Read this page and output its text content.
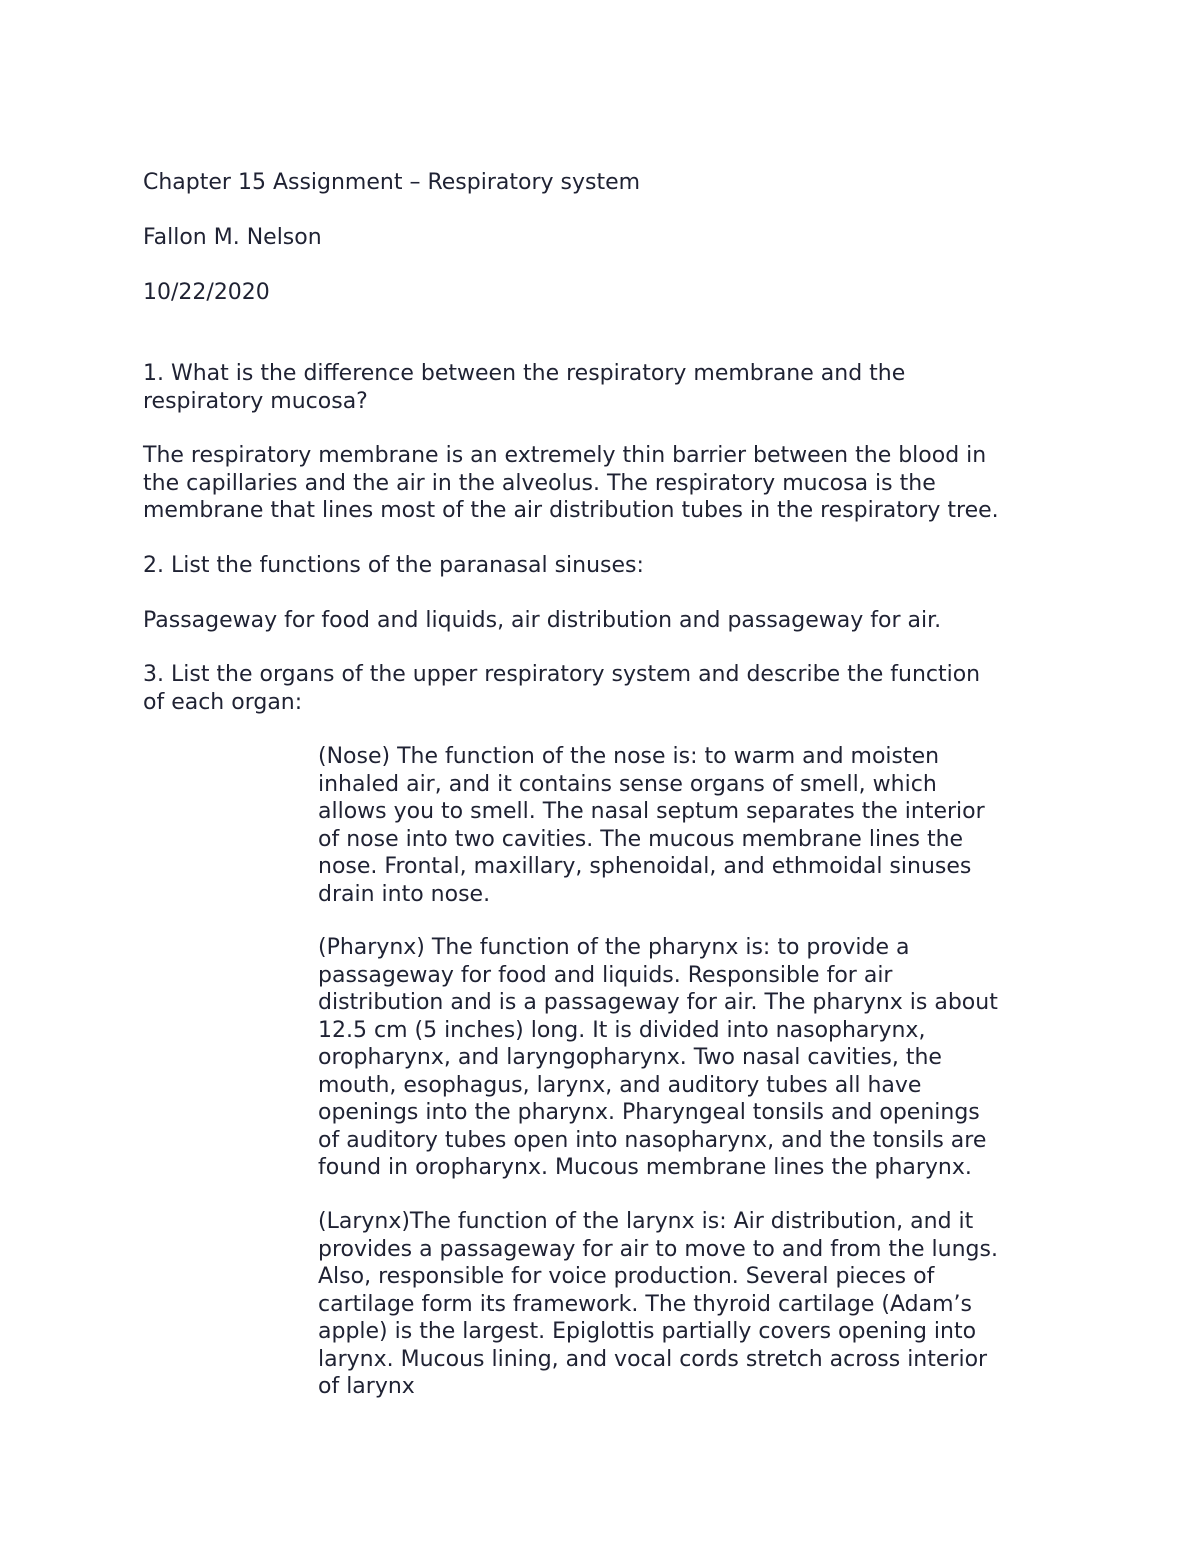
Chapter 15 Assignment – Respiratory system

Fallon M. Nelson

10/22/2020

1. What is the difference between the respiratory membrane and the
respiratory mucosa?

The respiratory membrane is an extremely thin barrier between the blood in
the capillaries and the air in the alveolus. The respiratory mucosa is the
membrane that lines most of the air distribution tubes in the respiratory tree.

2. List the functions of the paranasal sinuses:

Passageway for food and liquids, air distribution and passageway for air.

3. List the organs of the upper respiratory system and describe the function
of each organ:

(Nose) The function of the nose is: to warm and moisten
inhaled air, and it contains sense organs of smell, which
allows you to smell. The nasal septum separates the interior
of nose into two cavities. The mucous membrane lines the
nose. Frontal, maxillary, sphenoidal, and ethmoidal sinuses
drain into nose.

(Pharynx) The function of the pharynx is: to provide a
passageway for food and liquids. Responsible for air
distribution and is a passageway for air. The pharynx is about
12.5 cm (5 inches) long. It is divided into nasopharynx,
oropharynx, and laryngopharynx. Two nasal cavities, the
mouth, esophagus, larynx, and auditory tubes all have
openings into the pharynx. Pharyngeal tonsils and openings
of auditory tubes open into nasopharynx, and the tonsils are
found in oropharynx. Mucous membrane lines the pharynx.

(Larynx)The function of the larynx is: Air distribution, and it
provides a passageway for air to move to and from the lungs.
Also, responsible for voice production. Several pieces of
cartilage form its framework. The thyroid cartilage (Adam’s
apple) is the largest. Epiglottis partially covers opening into
larynx. Mucous lining, and vocal cords stretch across interior
of larynx
